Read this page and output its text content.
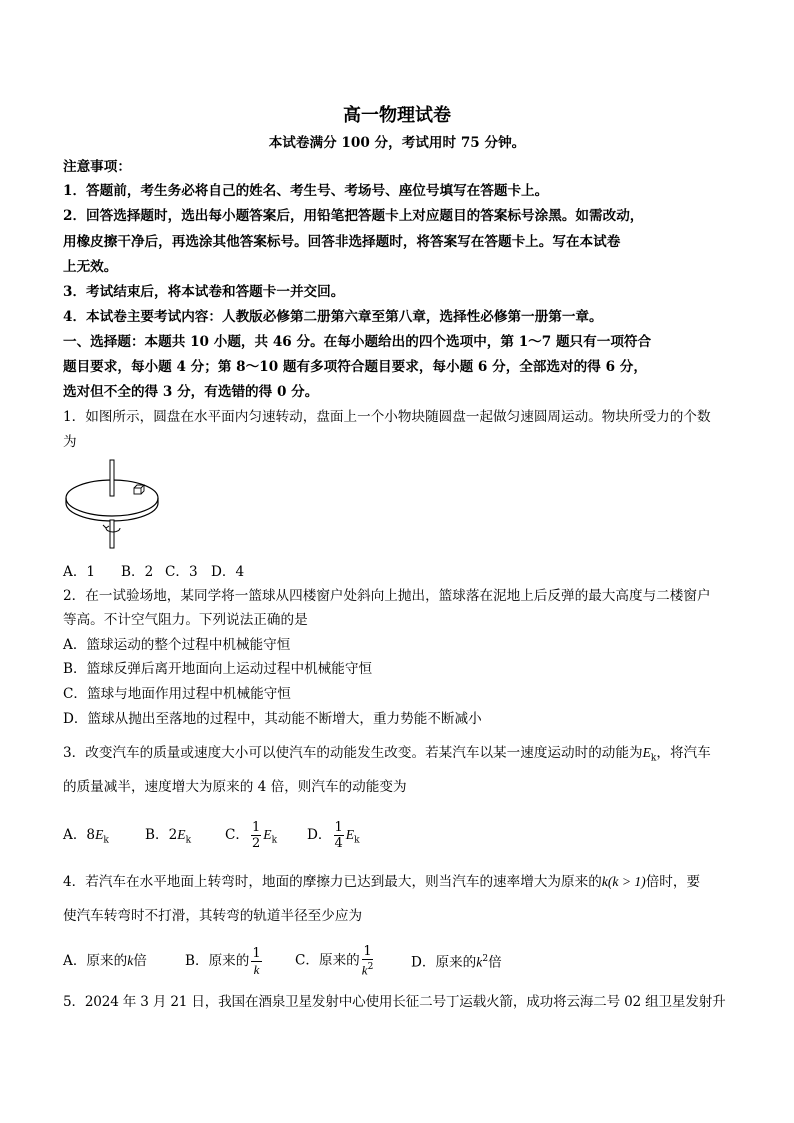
高一物理试卷
本试卷满分 100 分，考试用时 75 分钟。
注意事项：
1．答题前，考生务必将自己的姓名、考生号、考场号、座位号填写在答题卡上。
2．回答选择题时，选出每小题答案后，用铅笔把答题卡上对应题目的答案标号涂黑。如需改动，
用橡皮擦干净后，再选涂其他答案标号。回答非选择题时，将答案写在答题卡上。写在本试卷
上无效。
3．考试结束后，将本试卷和答题卡一并交回。
4．本试卷主要考试内容：人教版必修第二册第六章至第八章，选择性必修第一册第一章。
一、选择题：本题共 10 小题，共 46 分。在每小题给出的四个选项中，第 1～7 题只有一项符合
题目要求，每小题 4 分；第 8～10 题有多项符合题目要求，每小题 6 分，全部选对的得 6 分，
选对但不全的得 3 分，有选错的得 0 分。
1．如图所示，圆盘在水平面内匀速转动，盘面上一个小物块随圆盘一起做匀速圆周运动。物块所受力的个数
为
A．1 B．2 C．3 D．4
2．在一试验场地，某同学将一篮球从四楼窗户处斜向上抛出，篮球落在泥地上后反弹的最大高度与二楼窗户
等高。不计空气阻力。下列说法正确的是
A．篮球运动的整个过程中机械能守恒
B．篮球反弹后离开地面向上运动过程中机械能守恒
C．篮球与地面作用过程中机械能守恒
D．篮球从抛出至落地的过程中，其动能不断增大，重力势能不断减小
3．改变汽车的质量或速度大小可以使汽车的动能发生改变。若某汽车以某一速度运动时的动能为$E_k$，将汽车
的质量减半，速度增大为原来的 4 倍，则汽车的动能变为
A．$8E_k$	B．$2E_k$ C． $\frac{1}{2} E_k$ D． $\frac{1}{4} E_k$
4．若汽车在水平地面上转弯时，地面的摩擦力已达到最大，则当汽车的速率增大为原来的k(k > 1)倍时，要
使汽车转弯时不打滑，其转弯的轨道半径至少应为
A．原来的k倍	B．原来的 $\frac{1}{k}$ C．原来的 $\frac{1}{k^2}$	D．原来的$k^2$倍
5．2024 年 3 月 21 日，我国在酒泉卫星发射中心使用长征二号丁运载火箭，成功将云海二号 02 组卫星发射升
